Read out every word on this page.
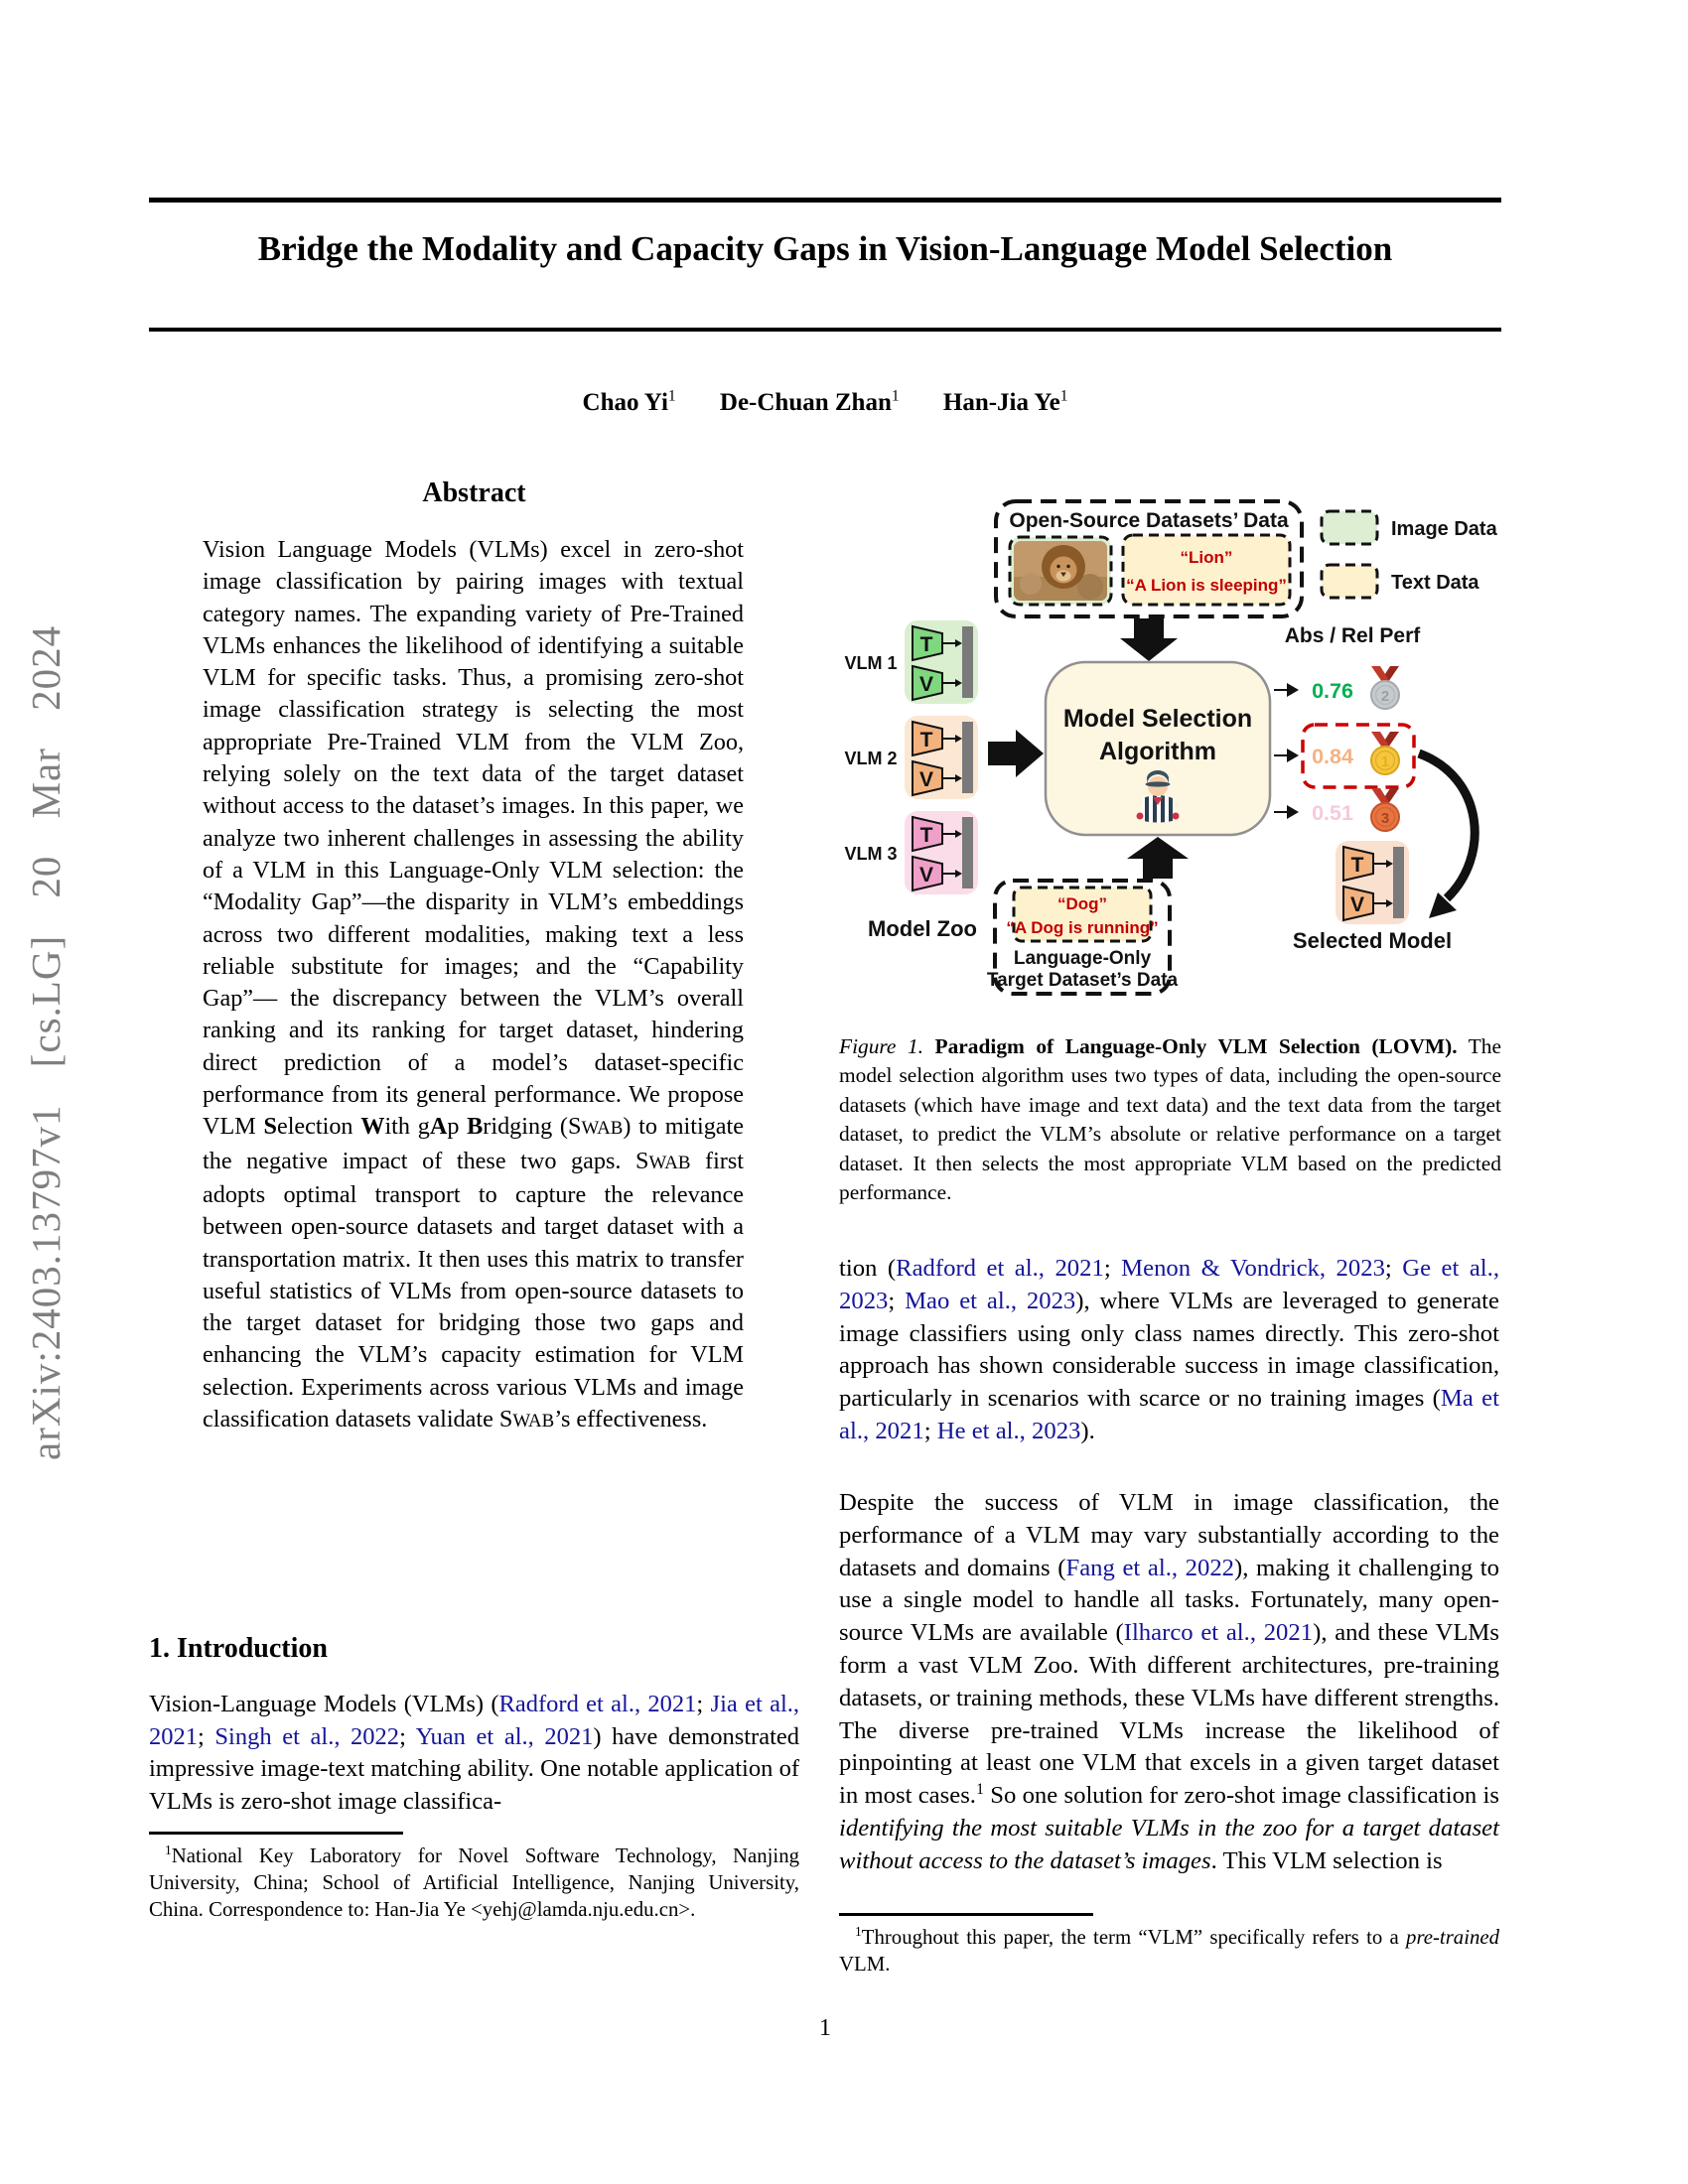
arXiv:2403.13797v1 [cs.LG] 20 Mar 2024
Bridge the Modality and Capacity Gaps in Vision-Language Model Selection
Chao Yi$^1$ De-Chuan Zhan$^1$ Han-Jia Ye$^1$
Abstract
Vision Language Models (VLMs) excel in zero-shot image classification by pairing images with textual category names. The expanding variety of Pre-Trained VLMs enhances the likelihood of identifying a suitable VLM for specific tasks. Thus, a promising zero-shot image classification strategy is selecting the most appropriate Pre-Trained VLM from the VLM Zoo, relying solely on the text data of the target dataset without access to the dataset’s images. In this paper, we analyze two inherent challenges in assessing the ability of a VLM in this Language-Only VLM selection: the “Modality Gap”—the disparity in VLM’s embeddings across two different modalities, making text a less reliable substitute for images; and the “Capability Gap”— the discrepancy between the VLM’s overall ranking and its ranking for target dataset, hindering direct prediction of a model’s dataset-specific performance from its general performance. We propose VLM Selection With gAp Bridging (SWAB) to mitigate the negative impact of these two gaps. SWAB first adopts optimal transport to capture the relevance between open-source datasets and target dataset with a transportation matrix. It then uses this matrix to transfer useful statistics of VLMs from open-source datasets to the target dataset for bridging those two gaps and enhancing the VLM’s capacity estimation for VLM selection. Experiments across various VLMs and image classification datasets validate SWAB’s effectiveness.
1. Introduction
Vision-Language Models (VLMs) (Radford et al., 2021; Jia et al., 2021; Singh et al., 2022; Yuan et al., 2021) have demonstrated impressive image-text matching ability. One notable application of VLMs is zero-shot image classifica-
$^1$National Key Laboratory for Novel Software Technology, Nanjing University, China; School of Artificial Intelligence, Nanjing University, China. Correspondence to: Han-Jia Ye <yehj@lamda.nju.edu.cn>.
Open-Source Datasets’ Data
“Lion”
“A Lion is sleeping”
Image Data
Text Data
Abs / Rel Perf
VLM 1
T
V
VLM 2
T
V
VLM 3
T
V
Model Zoo
Model Selection
Algorithm
“Dog”
“A Dog is running”
Language-Only
Target Dataset’s Data
0.76 2
0.84 1
0.51 3
T
V
Selected Model
Figure 1. Paradigm of Language-Only VLM Selection (LOVM). The model selection algorithm uses two types of data, including the open-source datasets (which have image and text data) and the text data from the target dataset, to predict the VLM’s absolute or relative performance on a target dataset. It then selects the most appropriate VLM based on the predicted performance.
tion (Radford et al., 2021; Menon & Vondrick, 2023; Ge et al., 2023; Mao et al., 2023), where VLMs are leveraged to generate image classifiers using only class names directly. This zero-shot approach has shown considerable success in image classification, particularly in scenarios with scarce or no training images (Ma et al., 2021; He et al., 2023).
Despite the success of VLM in image classification, the performance of a VLM may vary substantially according to the datasets and domains (Fang et al., 2022), making it challenging to use a single model to handle all tasks. Fortunately, many open-source VLMs are available (Ilharco et al., 2021), and these VLMs form a vast VLM Zoo. With different architectures, pre-training datasets, or training methods, these VLMs have different strengths. The diverse pre-trained VLMs increase the likelihood of pinpointing at least one VLM that excels in a given target dataset in most cases.$^1$ So one solution for zero-shot image classification is identifying the most suitable VLMs in the zoo for a target dataset without access to the dataset’s images. This VLM selection is
$^1$Throughout this paper, the term “VLM” specifically refers to a pre-trained VLM.
1
